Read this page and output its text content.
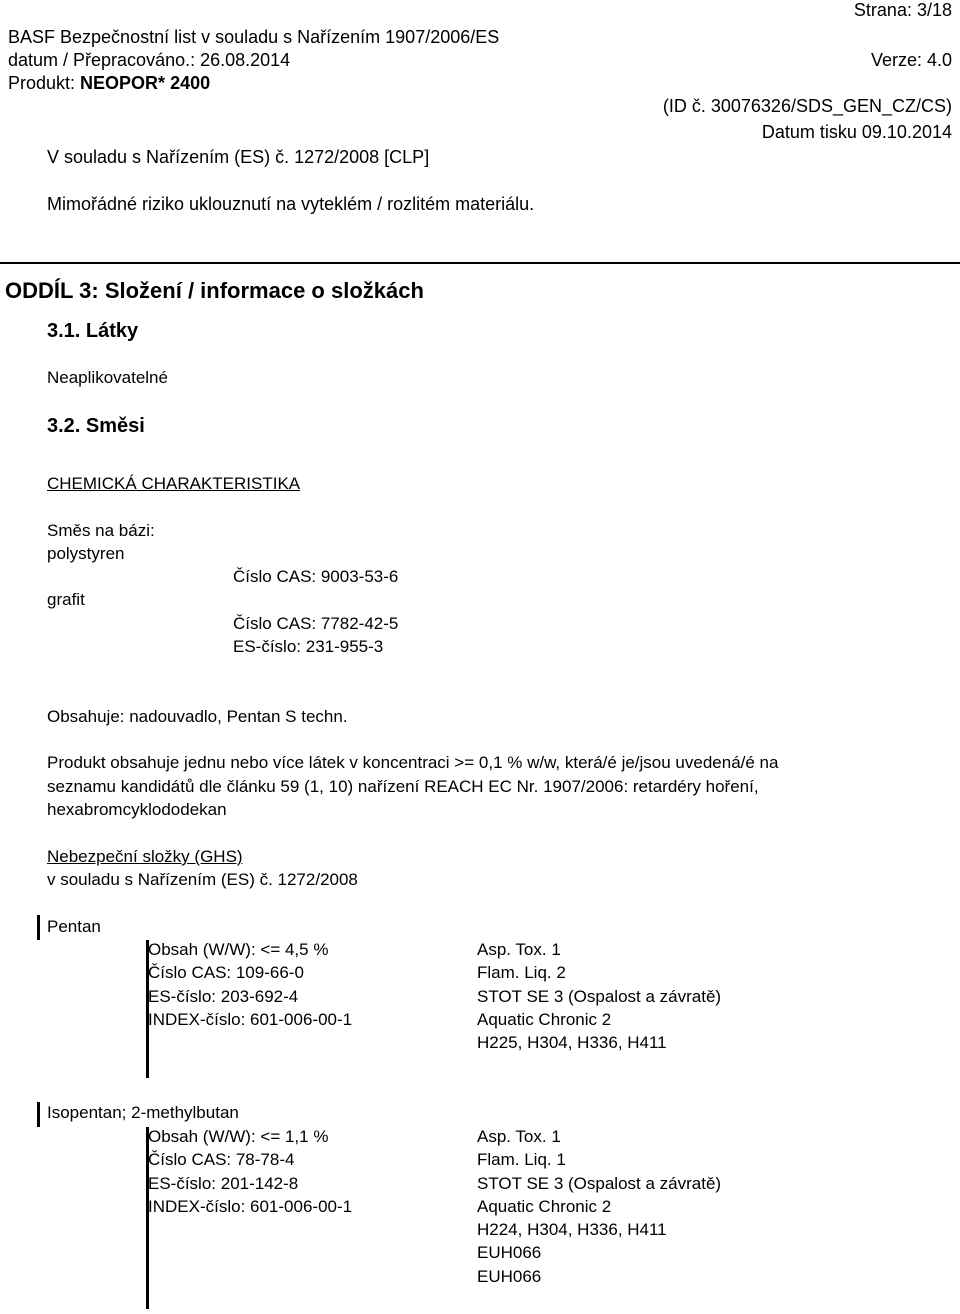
Strana: 3/18
BASF Bezpečnostní list v souladu s Nařízením 1907/2006/ES
datum / Přepracováno.: 26.08.2014	Verze: 4.0
Produkt: NEOPOR* 2400
(ID č. 30076326/SDS_GEN_CZ/CS)
Datum tisku 09.10.2014
V souladu s Nařízením (ES) č. 1272/2008 [CLP]
Mimořádné riziko uklouznutí na vyteklém / rozlitém materiálu.
ODDÍL 3: Složení / informace o složkách
3.1. Látky
Neaplikovatelné
3.2. Směsi
CHEMICKÁ CHARAKTERISTIKA
Směs na bázi:
polystyren
Číslo CAS: 9003-53-6
grafit
Číslo CAS: 7782-42-5
ES-číslo: 231-955-3
Obsahuje: nadouvadlo, Pentan S techn.
Produkt obsahuje jednu nebo více látek v koncentraci >= 0,1 % w/w, která/é je/jsou uvedená/é na
seznamu kandidátů dle článku 59 (1, 10) nařízení REACH EC Nr. 1907/2006: retardéry hoření,
hexabromcyklododekan
Nebezpeční složky (GHS)
v souladu s Nařízením (ES) č. 1272/2008
Pentan
Obsah (W/W): <= 4,5 %
Číslo CAS: 109-66-0
ES-číslo: 203-692-4
INDEX-číslo: 601-006-00-1
Asp. Tox. 1
Flam. Liq. 2
STOT SE 3 (Ospalost a závratě)
Aquatic Chronic 2
H225, H304, H336, H411
Isopentan; 2-methylbutan
Obsah (W/W): <= 1,1 %
Číslo CAS: 78-78-4
ES-číslo: 201-142-8
INDEX-číslo: 601-006-00-1
Asp. Tox. 1
Flam. Liq. 1
STOT SE 3 (Ospalost a závratě)
Aquatic Chronic 2
H224, H304, H336, H411
EUH066
EUH066
